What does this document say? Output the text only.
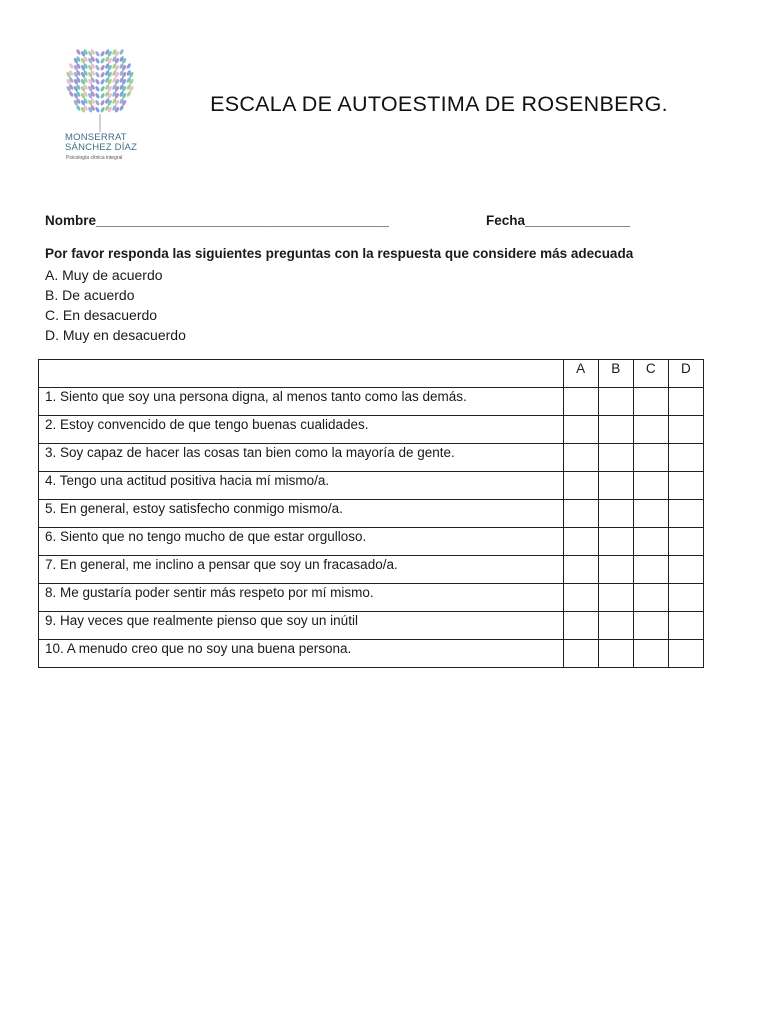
MONSERRAT
SÁNCHEZ DÍAZ
Psicología clínica integral
ESCALA DE AUTOESTIMA DE ROSENBERG.
Nombre_______________________________________	Fecha______________
Por favor responda las siguientes preguntas con la respuesta que considere más adecuada
A. Muy de acuerdo
B. De acuerdo
C. En desacuerdo
D. Muy en desacuerdo
	A	B	C	D
1. Siento que soy una persona digna, al menos tanto como las demás.				
2. Estoy convencido de que tengo buenas cualidades.				
3. Soy capaz de hacer las cosas tan bien como la mayoría de gente.				
4. Tengo una actitud positiva hacia mí mismo/a.				
5. En general, estoy satisfecho conmigo mismo/a.				
6. Siento que no tengo mucho de que estar orgulloso.				
7. En general, me inclino a pensar que soy un fracasado/a.				
8. Me gustaría poder sentir más respeto por mí mismo.				
9. Hay veces que realmente pienso que soy un inútil				
10. A menudo creo que no soy una buena persona.				
